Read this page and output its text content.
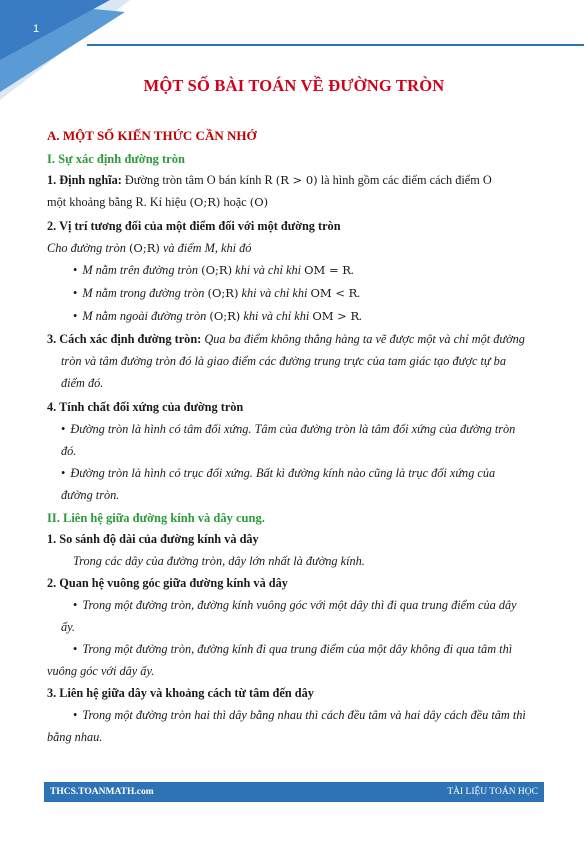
1
MỘT SỐ BÀI TOÁN VỀ ĐƯỜNG TRÒN
A. MỘT SỐ KIẾN THỨC CẦN NHỚ
I. Sự xác định đường tròn
1. Định nghĩa: Đường tròn tâm O bán kính R (R > 0) là hình gồm các điểm cách điểm O
một khoảng bằng R. Kí hiệu (O;R) hoặc (O)
2. Vị trí tương đối của một điểm đối với một đường tròn
Cho đường tròn (O;R) và điểm M, khi đó
• M nằm trên đường tròn (O;R) khi và chỉ khi OM = R.
• M nằm trong đường tròn (O;R) khi và chỉ khi OM < R.
• M nằm ngoài đường tròn (O;R) khi và chỉ khi OM > R.
3. Cách xác định đường tròn: Qua ba điểm không thẳng hàng ta vẽ được một và chỉ một đường
tròn và tâm đường tròn đó là giao điểm các đường trung trực của tam giác tạo được tự ba
điểm đó.
4. Tính chất đối xứng của đường tròn
• Đường tròn là hình có tâm đối xứng. Tâm của đường tròn là tâm đối xứng của đường tròn
đó.
• Đường tròn là hình có trục đối xứng. Bất kì đường kính nào cũng là trục đối xứng của
đường tròn.
II. Liên hệ giữa đường kính và dây cung.
1. So sánh độ dài của đường kính và dây
Trong các dây của đường tròn, dây lớn nhất là đường kính.
2. Quan hệ vuông góc giữa đường kính và dây
• Trong một đường tròn, đường kính vuông góc với một dây thì đi qua trung điểm của dây
ấy.
• Trong một đường tròn, đường kính đi qua trung điểm của một dây không đi qua tâm thì
vuông góc với dây ấy.
3. Liên hệ giữa dây và khoảng cách từ tâm đến dây
• Trong một đường tròn hai thì dây bằng nhau thì cách đều tâm và hai dây cách đều tâm thì
bằng nhau.
THCS.TOANMATH.com	TÀI LIỆU TOÁN HỌC
